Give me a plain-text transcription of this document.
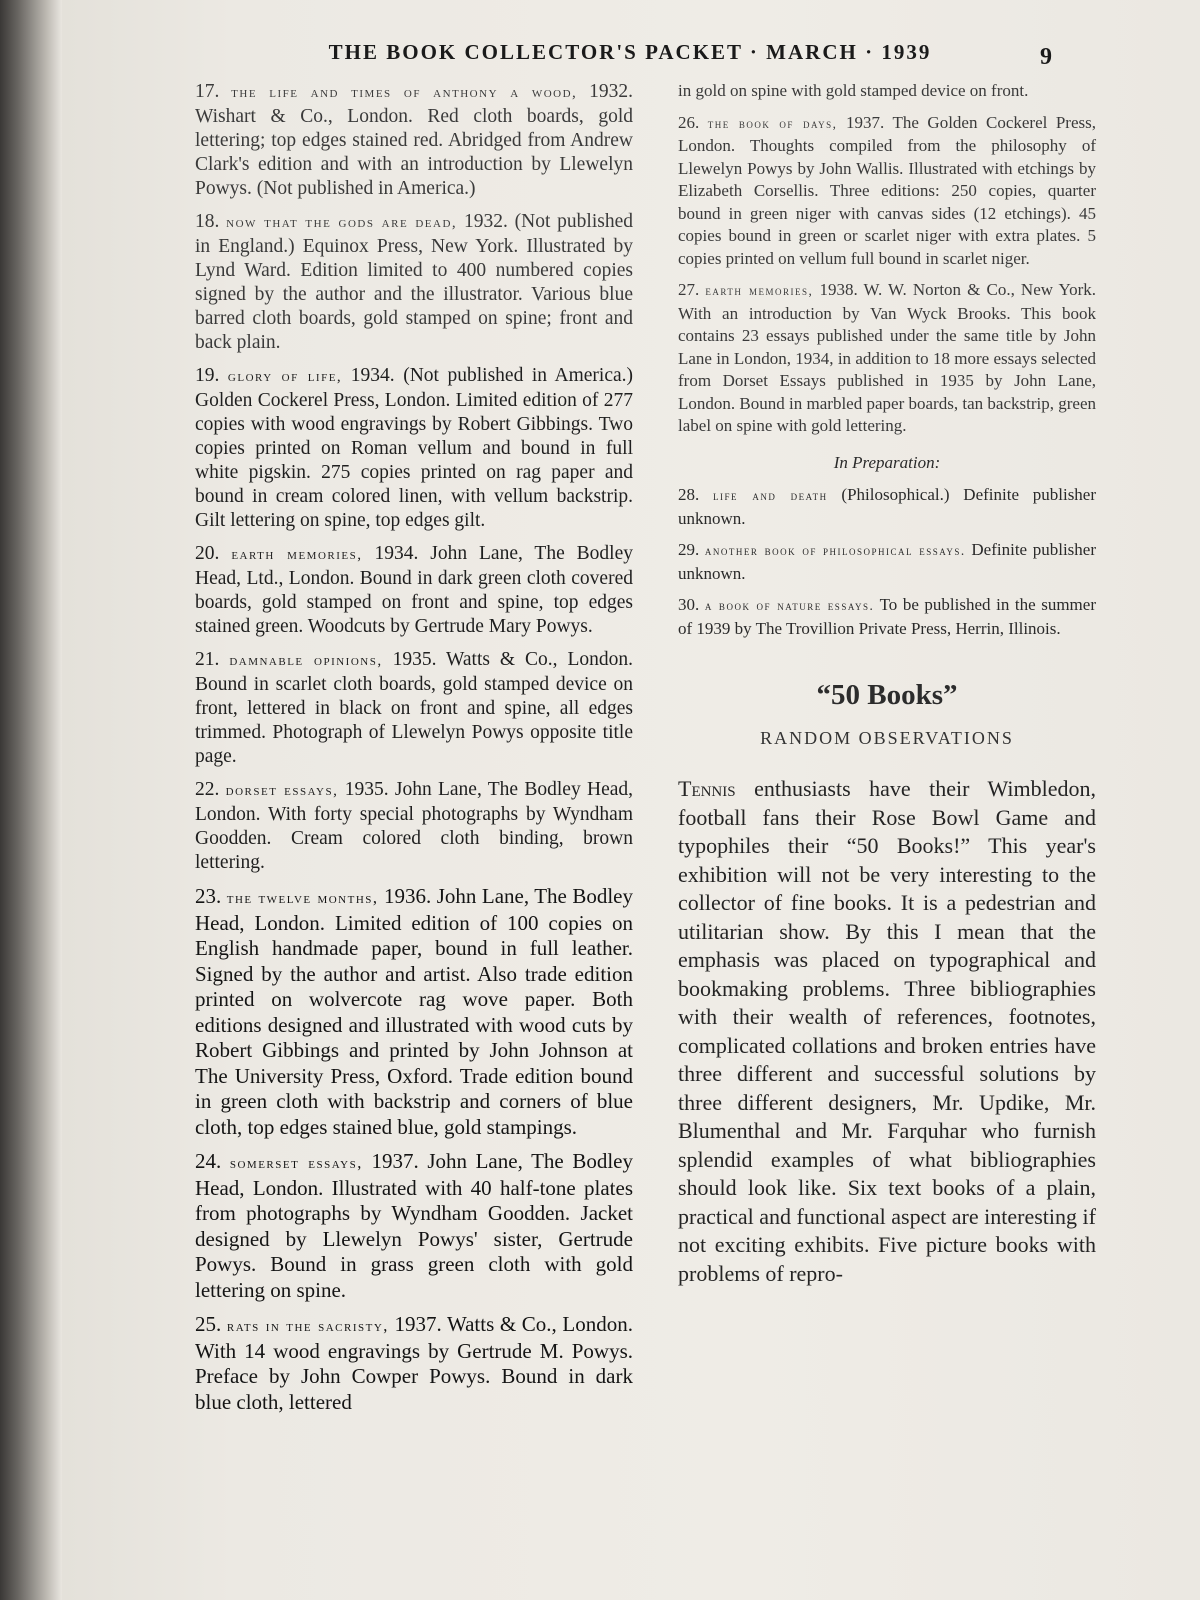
THE BOOK COLLECTOR'S PACKET · MARCH · 1939	9

17. the life and times of anthony a wood, 1932. Wishart & Co., London. Red cloth boards, gold lettering; top edges stained red. Abridged from Andrew Clark's edition and with an introduction by Llewelyn Powys. (Not published in America.)

18. now that the gods are dead, 1932. (Not published in England.) Equinox Press, New York. Illustrated by Lynd Ward. Edition limited to 400 numbered copies signed by the author and the illustrator. Various blue barred cloth boards, gold stamped on spine; front and back plain.

19. glory of life, 1934. (Not published in America.) Golden Cockerel Press, London. Limited edition of 277 copies with wood engravings by Robert Gibbings. Two copies printed on Roman vellum and bound in full white pigskin. 275 copies printed on rag paper and bound in cream colored linen, with vellum backstrip. Gilt lettering on spine, top edges gilt.

20. earth memories, 1934. John Lane, The Bodley Head, Ltd., London. Bound in dark green cloth covered boards, gold stamped on front and spine, top edges stained green. Woodcuts by Gertrude Mary Powys.

21. damnable opinions, 1935. Watts & Co., London. Bound in scarlet cloth boards, gold stamped device on front, lettered in black on front and spine, all edges trimmed. Photograph of Llewelyn Powys opposite title page.

22. dorset essays, 1935. John Lane, The Bodley Head, London. With forty special photographs by Wyndham Goodden. Cream colored cloth binding, brown lettering.

23. the twelve months, 1936. John Lane, The Bodley Head, London. Limited edition of 100 copies on English handmade paper, bound in full leather. Signed by the author and artist. Also trade edition printed on wolvercote rag wove paper. Both editions designed and illustrated with wood cuts by Robert Gibbings and printed by John Johnson at The University Press, Oxford. Trade edition bound in green cloth with backstrip and corners of blue cloth, top edges stained blue, gold stampings.

24. somerset essays, 1937. John Lane, The Bodley Head, London. Illustrated with 40 half-tone plates from photographs by Wyndham Goodden. Jacket designed by Llewelyn Powys' sister, Gertrude Powys. Bound in grass green cloth with gold lettering on spine.

25. rats in the sacristy, 1937. Watts & Co., London. With 14 wood engravings by Gertrude M. Powys. Preface by John Cowper Powys. Bound in dark blue cloth, lettered

in gold on spine with gold stamped device on front.

26. the book of days, 1937. The Golden Cockerel Press, London. Thoughts compiled from the philosophy of Llewelyn Powys by John Wallis. Illustrated with etchings by Elizabeth Corsellis. Three editions: 250 copies, quarter bound in green niger with canvas sides (12 etchings). 45 copies bound in green or scarlet niger with extra plates. 5 copies printed on vellum full bound in scarlet niger.

27. earth memories, 1938. W. W. Norton & Co., New York. With an introduction by Van Wyck Brooks. This book contains 23 essays published under the same title by John Lane in London, 1934, in addition to 18 more essays selected from Dorset Essays published in 1935 by John Lane, London. Bound in marbled paper boards, tan backstrip, green label on spine with gold lettering.

In Preparation:

28. life and death (Philosophical.) Definite publisher unknown.

29. another book of philosophical essays. Definite publisher unknown.

30. a book of nature essays. To be published in the summer of 1939 by The Trovillion Private Press, Herrin, Illinois.

“50 Books”
RANDOM OBSERVATIONS

Tennis enthusiasts have their Wimbledon, football fans their Rose Bowl Game and typophiles their “50 Books!” This year's exhibition will not be very interesting to the collector of fine books. It is a pedestrian and utilitarian show. By this I mean that the emphasis was placed on typographical and bookmaking problems. Three bibliographies with their wealth of references, footnotes, complicated collations and broken entries have three different and successful solutions by three different designers, Mr. Updike, Mr. Blumenthal and Mr. Farquhar who furnish splendid examples of what bibliographies should look like. Six text books of a plain, practical and functional aspect are interesting if not exciting exhibits. Five picture books with problems of repro-
